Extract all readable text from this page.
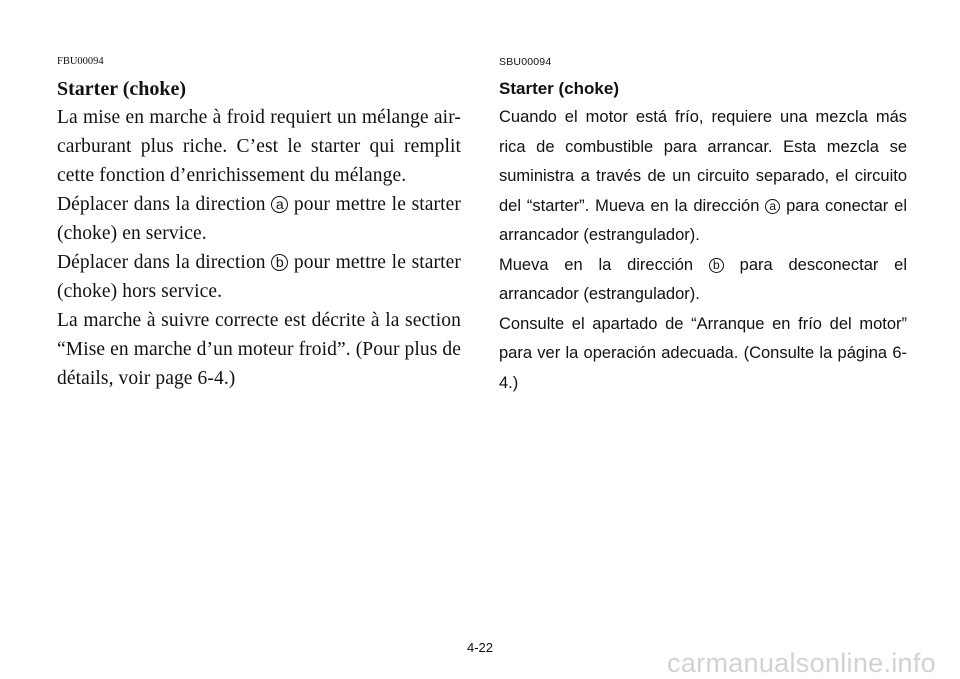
FBU00094
Starter (choke)

La mise en marche à froid requiert un mélange air-carburant plus riche. C’est le starter qui remplit cette fonction d’enrichissement du mélange.

Déplacer dans la direction a pour mettre le starter (choke) en service.

Déplacer dans la direction b pour mettre le starter (choke) hors service.

La marche à suivre correcte est décrite à la section “Mise en marche d’un moteur froid”. (Pour plus de détails, voir page 6-4.)

SBU00094
Starter (choke)

Cuando el motor está frío, requiere una mezcla más rica de combustible para arrancar. Esta mezcla se suministra a través de un circuito separado, el circuito del “starter”. Mueva en la dirección a para conectar el arrancador (estrangulador).

Mueva en la dirección b para desconectar el arrancador (estrangulador).

Consulte el apartado de “Arranque en frío del motor” para ver la operación adecuada. (Consulte la página 6-4.)

4-22
carmanualsonline.info
